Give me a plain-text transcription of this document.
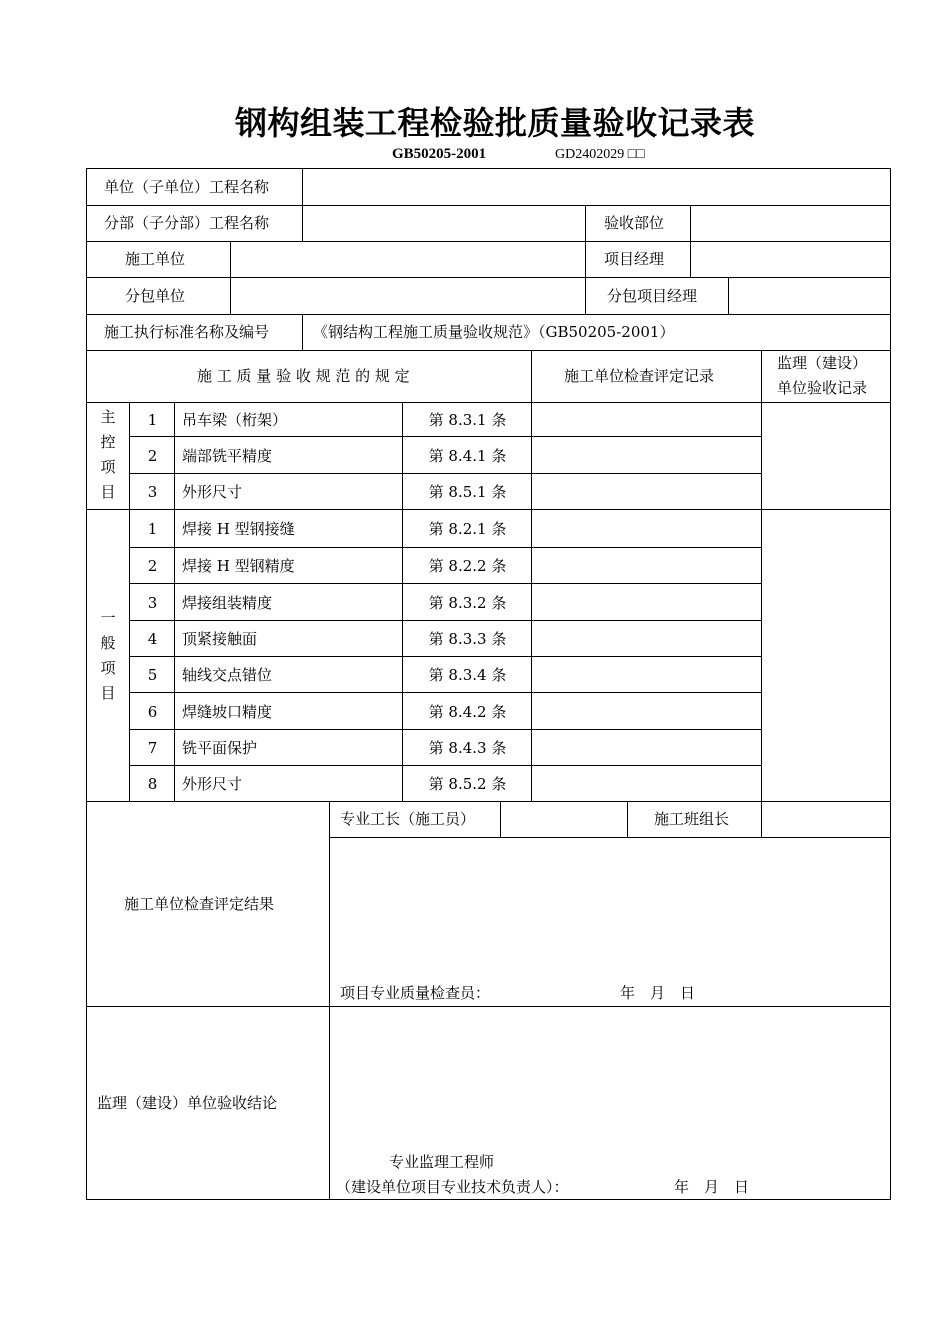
钢构组装工程检验批质量验收记录表
GB50205-2001	GD2402029 □□
单位（子单位）工程名称
分部（子分部）工程名称	验收部位
施工单位	项目经理
分包单位	分包项目经理
施工执行标准名称及编号	《钢结构工程施工质量验收规范》（GB50205-2001）
施 工 质 量 验 收 规 范 的 规 定	施工单位检查评定记录
监理（建设）
单位验收记录
主
控
项
目
1	吊车梁（桁架）	第 8.3.1 条
2	端部铣平精度	第 8.4.1 条
3	外形尺寸	第 8.5.1 条
一
般
项
目
1	焊接 H 型钢接缝	第 8.2.1 条
2	焊接 H 型钢精度	第 8.2.2 条
3	焊接组装精度	第 8.3.2 条
4	顶紧接触面	第 8.3.3 条
5	轴线交点错位	第 8.3.4 条
6	焊缝坡口精度	第 8.4.2 条
7	铣平面保护	第 8.4.3 条
8	外形尺寸	第 8.5.2 条
施工单位检查评定结果
专业工长（施工员）	施工班组长
项目专业质量检查员：	年　月　日
监理（建设）单位验收结论
专业监理工程师
（建设单位项目专业技术负责人）：	年　月　日
